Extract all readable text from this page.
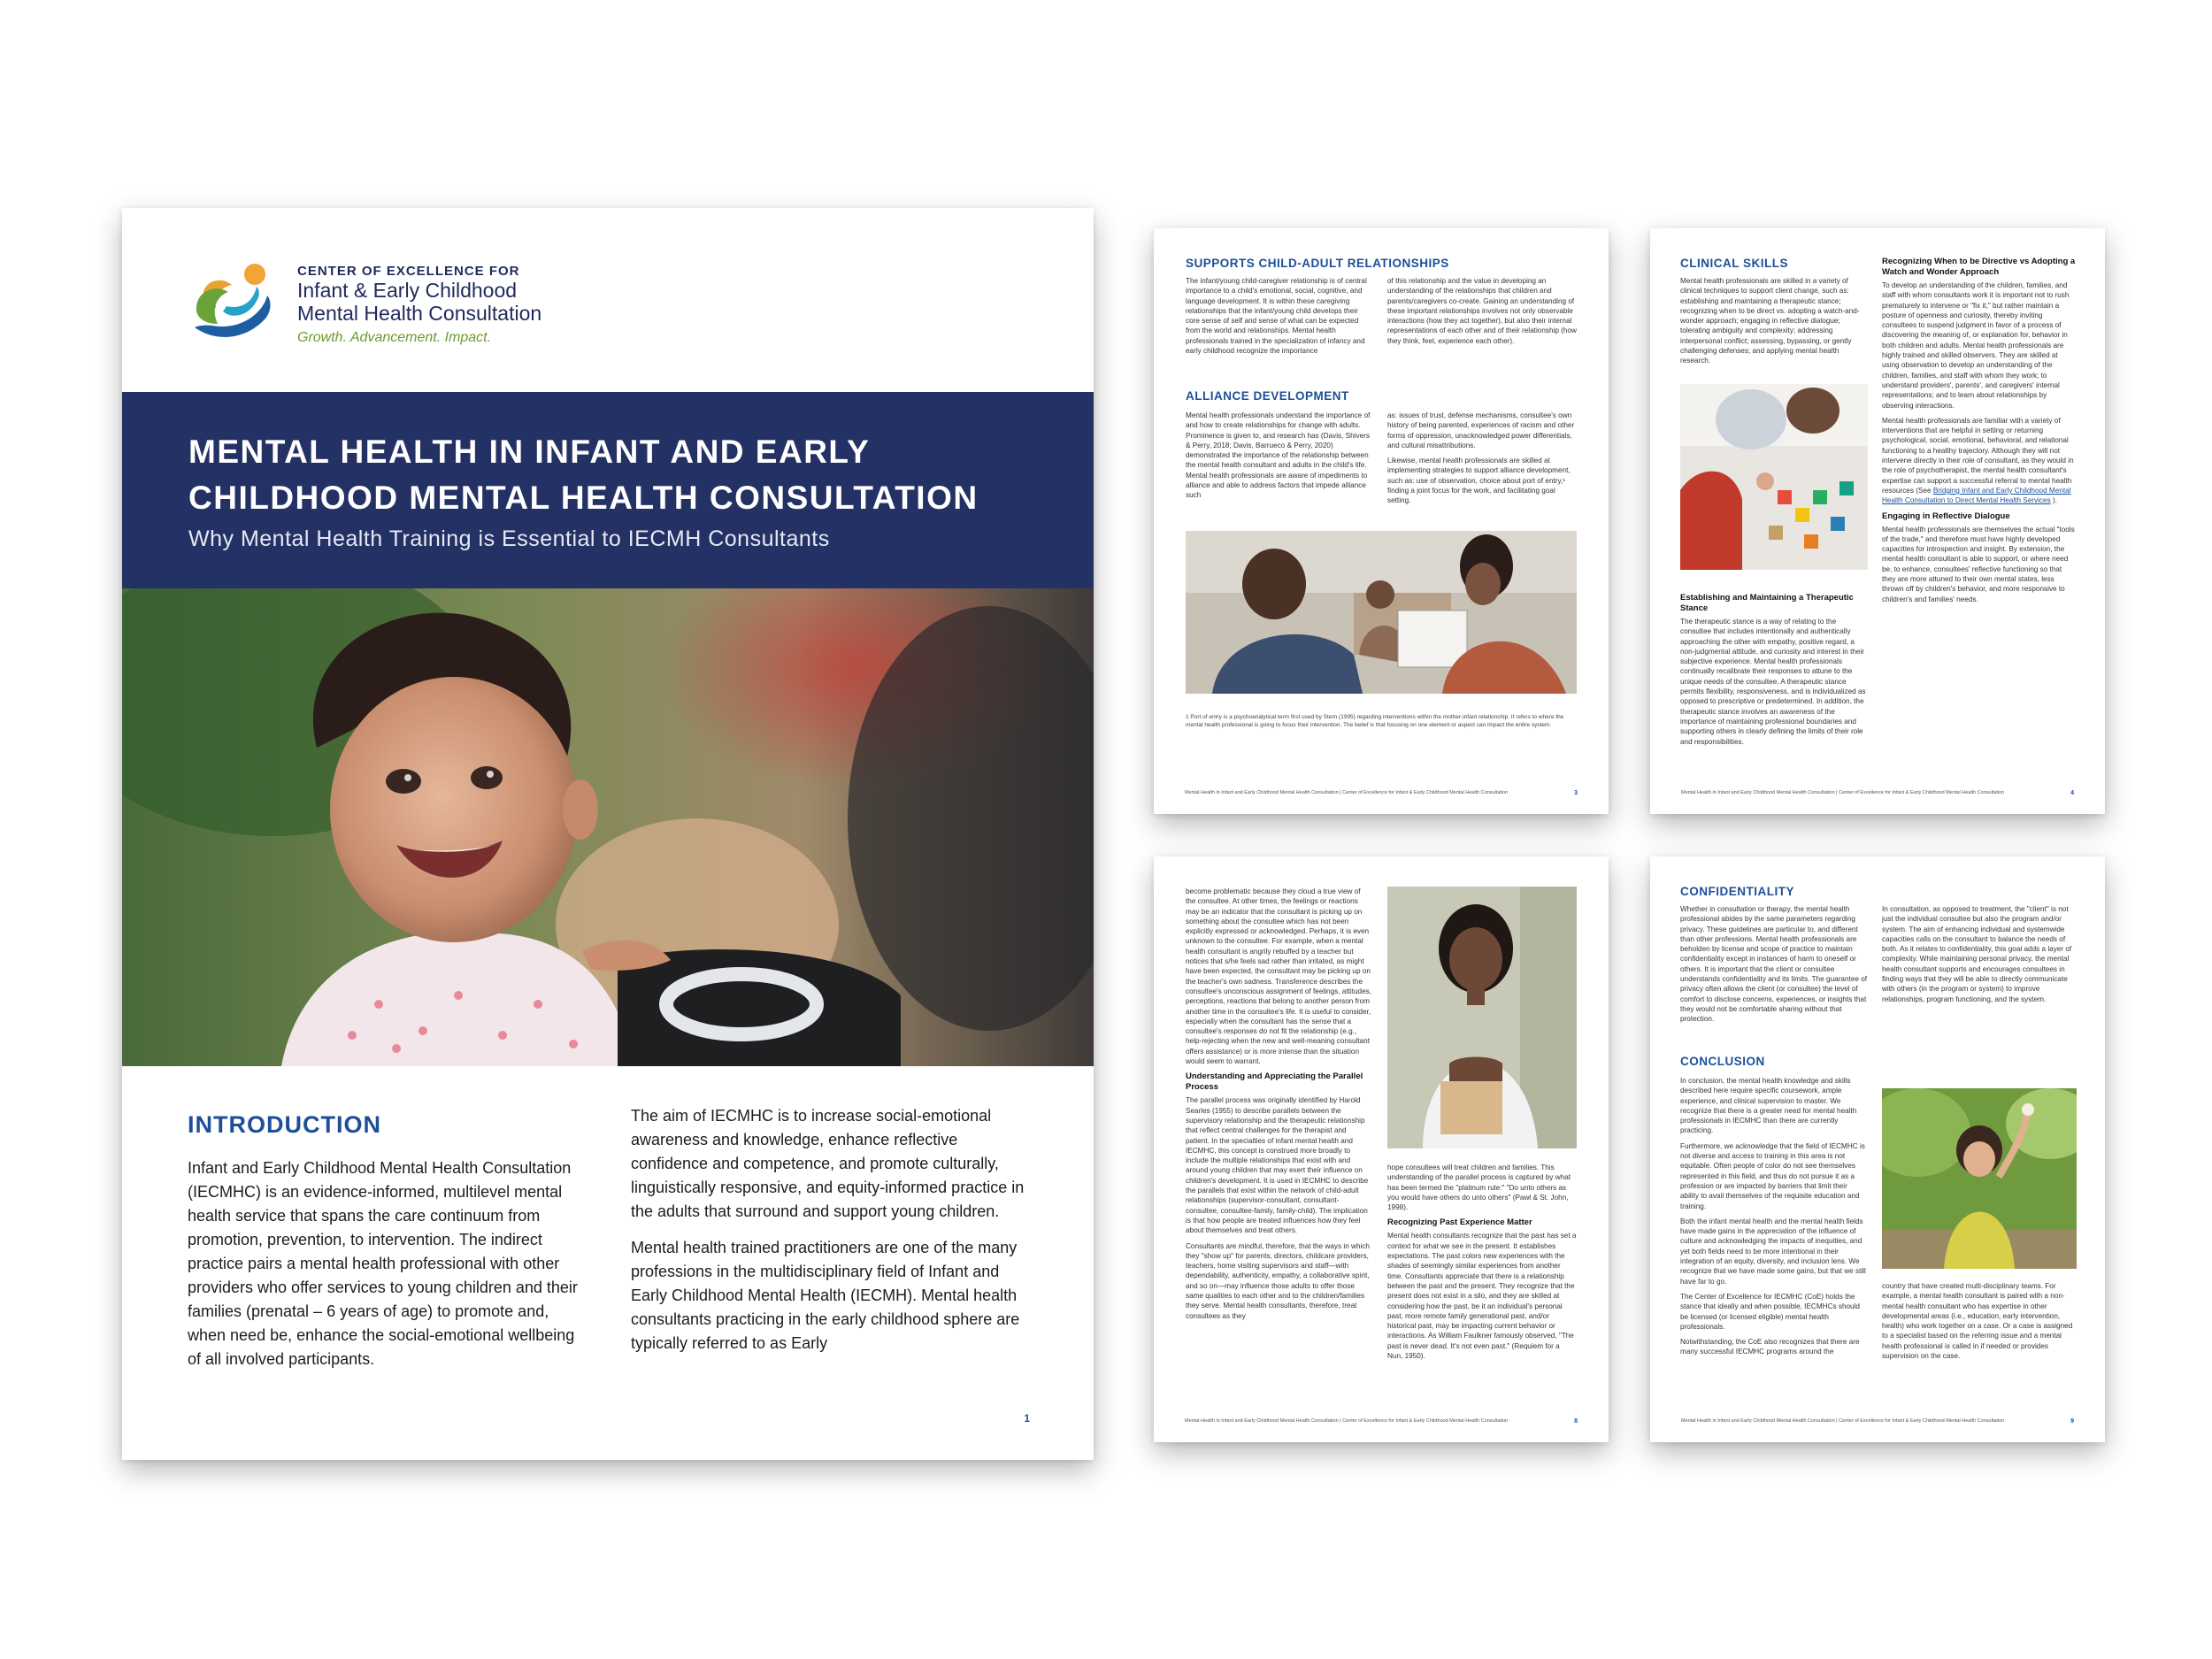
CENTER OF EXCELLENCE FOR
Infant & Early Childhood
Mental Health Consultation
Growth. Advancement. Impact.
MENTAL HEALTH IN INFANT AND EARLY
CHILDHOOD MENTAL HEALTH CONSULTATION
Why Mental Health Training is Essential to IECMH Consultants
INTRODUCTION

Infant and Early Childhood Mental Health Consultation (IECMHC) is an evidence-informed, multilevel mental health service that spans the care continuum from promotion, prevention, to intervention. The indirect practice pairs a mental health professional with other providers who offer services to young children and their families (prenatal – 6 years of age) to promote and, when need be, enhance the social-emotional wellbeing of all involved participants.

The aim of IECMHC is to increase social-emotional awareness and knowledge, enhance reflective confidence and competence, and promote culturally, linguistically responsive, and equity-informed practice in the adults that surround and support young children.

Mental health trained practitioners are one of the many professions in the multidisciplinary field of Infant and Early Childhood Mental Health (IECMH). Mental health consultants practicing in the early childhood sphere are typically referred to as Early

1
SUPPORTS CHILD-ADULT RELATIONSHIPS
The infant/young child-caregiver relationship is of central importance to a child's emotional, social, cognitive, and language development. It is within these caregiving relationships that the infant/young child develops their core sense of self and sense of what can be expected from the world and relationships. Mental health professionals trained in the specialization of infancy and early childhood recognize the importance
of this relationship and the value in developing an understanding of the relationships that children and parents/caregivers co-create. Gaining an understanding of these important relationships involves not only observable interactions (how they act together), but also their internal representations of each other and of their relationship (how they think, feel, experience each other).
ALLIANCE DEVELOPMENT
Mental health professionals understand the importance of and how to create relationships for change with adults. Prominence is given to, and research has (Davis, Shivers & Perry, 2018; Davis, Barrueco & Perry, 2020) demonstrated the importance of the relationship between the mental health consultant and adults in the child's life. Mental health professionals are aware of impediments to alliance and able to address factors that impede alliance such

as: issues of trust, defense mechanisms, consultee's own history of being parented, experiences of racism and other forms of oppression, unacknowledged power differentials, and cultural misattributions.

Likewise, mental health professionals are skilled at implementing strategies to support alliance development, such as: use of observation, choice about port of entry,¹ finding a joint focus for the work, and facilitating goal setting.

1 Port of entry is a psychoanalytical term first used by Stern (1995) regarding interventions within the mother-infant relationship. It refers to where the mental health professional is going to focus their intervention. The belief is that focusing on one element or aspect can impact the entire system.
Mental Health in Infant and Early Childhood Mental Health Consultation | Center of Excellence for Infant & Early Childhood Mental Health Consultation	3
CLINICAL SKILLS
Mental health professionals are skilled in a variety of clinical techniques to support client change, such as: establishing and maintaining a therapeutic stance; recognizing when to be direct vs. adopting a watch-and-wonder approach; engaging in reflective dialogue; tolerating ambiguity and complexity; addressing interpersonal conflict; assessing, bypassing, or gently challenging defenses; and applying mental health research.
Establishing and Maintaining a Therapeutic Stance
The therapeutic stance is a way of relating to the consultee that includes intentionally and authentically approaching the other with empathy, positive regard, a non-judgmental attitude, and curiosity and interest in their subjective experience. Mental health professionals continually recalibrate their responses to attune to the unique needs of the consultee. A therapeutic stance permits flexibility, responsiveness, and is individualized as opposed to prescriptive or predetermined. In addition, the therapeutic stance involves an awareness of the importance of maintaining professional boundaries and supporting others in clearly defining the limits of their role and responsibilities.
Recognizing When to be Directive vs Adopting a Watch and Wonder Approach

To develop an understanding of the children, families, and staff with whom consultants work it is important not to rush prematurely to intervene or "fix it," but rather maintain a posture of openness and curiosity, thereby inviting consultees to suspend judgment in favor of a process of discovering the meaning of, or explanation for, behavior in both children and adults. Mental health professionals are highly trained and skilled observers. They are skilled at using observation to develop an understanding of the children, families, and staff with whom they work; to understand providers', parents', and caregivers' internal representations; and to learn about relationships by observing interactions.

Mental health professionals are familiar with a variety of interventions that are helpful in setting or returning psychological, social, emotional, behavioral, and relational functioning to a healthy trajectory. Although they will not intervene directly in their role of consultant, as they would in the role of psychotherapist, the mental health consultant's expertise can support a successful referral to mental health resources (See Bridging Infant and Early Childhood Mental Health Consultation to Direct Mental Health Services ).

Engaging in Reflective Dialogue

Mental health professionals are themselves the actual "tools of the trade," and therefore must have highly developed capacities for introspection and insight. By extension, the mental health consultant is able to support, or where need be, to enhance, consultees' reflective functioning so that they are more attuned to their own mental states, less thrown off by children's behavior, and more responsive to children's and families' needs.

Mental Health in Infant and Early Childhood Mental Health Consultation | Center of Excellence for Infant & Early Childhood Mental Health Consultation	4

become problematic because they cloud a true view of the consultee. At other times, the feelings or reactions may be an indicator that the consultant is picking up on something about the consultee which has not been explicitly expressed or acknowledged. Perhaps, it is even unknown to the consultee. For example, when a mental health consultant is angrily rebuffed by a teacher but notices that s/he feels sad rather than irritated, as might have been expected, the consultant may be picking up on the teacher's own sadness. Transference describes the consultee's unconscious assignment of feelings, attitudes, perceptions, reactions that belong to another person from another time in the consultee's life. It is useful to consider, especially when the consultant has the sense that a consultee's responses do not fit the relationship (e.g., help-rejecting when the new and well-meaning consultant offers assistance) or is more intense than the situation would seem to warrant.

Understanding and Appreciating the Parallel Process

The parallel process was originally identified by Harold Searles (1955) to describe parallels between the supervisory relationship and the therapeutic relationship that reflect central challenges for the therapist and patient. In the specialties of infant mental health and IECMHC, this concept is construed more broadly to include the multiple relationships that exist with and around young children that may exert their influence on children's development. It is used in IECMHC to describe the parallels that exist within the network of child-adult relationships (supervisor-consultant, consultant-consultee, consultee-family, family-child). The implication is that how people are treated influences how they feel about themselves and treat others.

Consultants are mindful, therefore, that the ways in which they "show up" for parents, directors, childcare providers, teachers, home visiting supervisors and staff—with dependability, authenticity, empathy, a collaborative spirit, and so on—may influence those adults to offer those same qualities to each other and to the children/families they serve. Mental health consultants, therefore, treat consultees as they

hope consultees will treat children and families. This understanding of the parallel process is captured by what has been termed the "platinum rule:" "Do unto others as you would have others do unto others" (Pawl & St. John, 1998).

Recognizing Past Experience Matter

Mental health consultants recognize that the past has set a context for what we see in the present. It establishes expectations. The past colors new experiences with the shades of seemingly similar experiences from another time. Consultants appreciate that there is a relationship between the past and the present. They recognize that the present does not exist in a silo, and they are skilled at considering how the past, be it an individual's personal past, more remote family generational past, and/or historical past, may be impacting current behavior or interactions. As William Faulkner famously observed, "The past is never dead. It's not even past." (Requiem for a Nun, 1950).

Mental Health in Infant and Early Childhood Mental Health Consultation | Center of Excellence for Infant & Early Childhood Mental Health Consultation	8
CONFIDENTIALITY
Whether in consultation or therapy, the mental health professional abides by the same parameters regarding privacy. These guidelines are particular to, and different than other professions. Mental health professionals are beholden by license and scope of practice to maintain confidentiality except in instances of harm to oneself or others. It is important that the client or consultee understands confidentiality and its limits. The guarantee of privacy often allows the client (or consultee) the level of comfort to disclose concerns, experiences, or insights that they would not be comfortable sharing without that protection.
In consultation, as opposed to treatment, the "client" is not just the individual consultee but also the program and/or system. The aim of enhancing individual and systemwide capacities calls on the consultant to balance the needs of both. As it relates to confidentiality, this goal adds a layer of complexity. While maintaining personal privacy, the mental health consultant supports and encourages consultees in finding ways that they will be able to directly communicate with others (in the program or system) to improve relationships, program functioning, and the system.
CONCLUSION

In conclusion, the mental health knowledge and skills described here require specific coursework, ample experience, and clinical supervision to master. We recognize that there is a greater need for mental health professionals in IECMHC than there are currently practicing.

Furthermore, we acknowledge that the field of IECMHC is not diverse and access to training in this area is not equitable. Often people of color do not see themselves represented in this field, and thus do not pursue it as a profession or are impacted by barriers that limit their ability to avail themselves of the requisite education and training.

Both the infant mental health and the mental health fields have made gains in the appreciation of the influence of culture and acknowledging the impacts of inequities, and yet both fields need to be more intentional in their integration of an equity, diversity, and inclusion lens. We recognize that we have made some gains, but that we still have far to go.

The Center of Excellence for IECMHC (CoE) holds the stance that ideally and when possible, IECMHCs should be licensed (or licensed eligible) mental health professionals.

Notwithstanding, the CoE also recognizes that there are many successful IECMHC programs around the

country that have created multi-disciplinary teams. For example, a mental health consultant is paired with a non-mental health consultant who has expertise in other developmental areas (i.e., education, early intervention, health) who work together on a case. Or a case is assigned to a specialist based on the referring issue and a mental health professional is called in if needed or provides supervision on the case.
Mental Health in Infant and Early Childhood Mental Health Consultation | Center of Excellence for Infant & Early Childhood Mental Health Consultation	9
